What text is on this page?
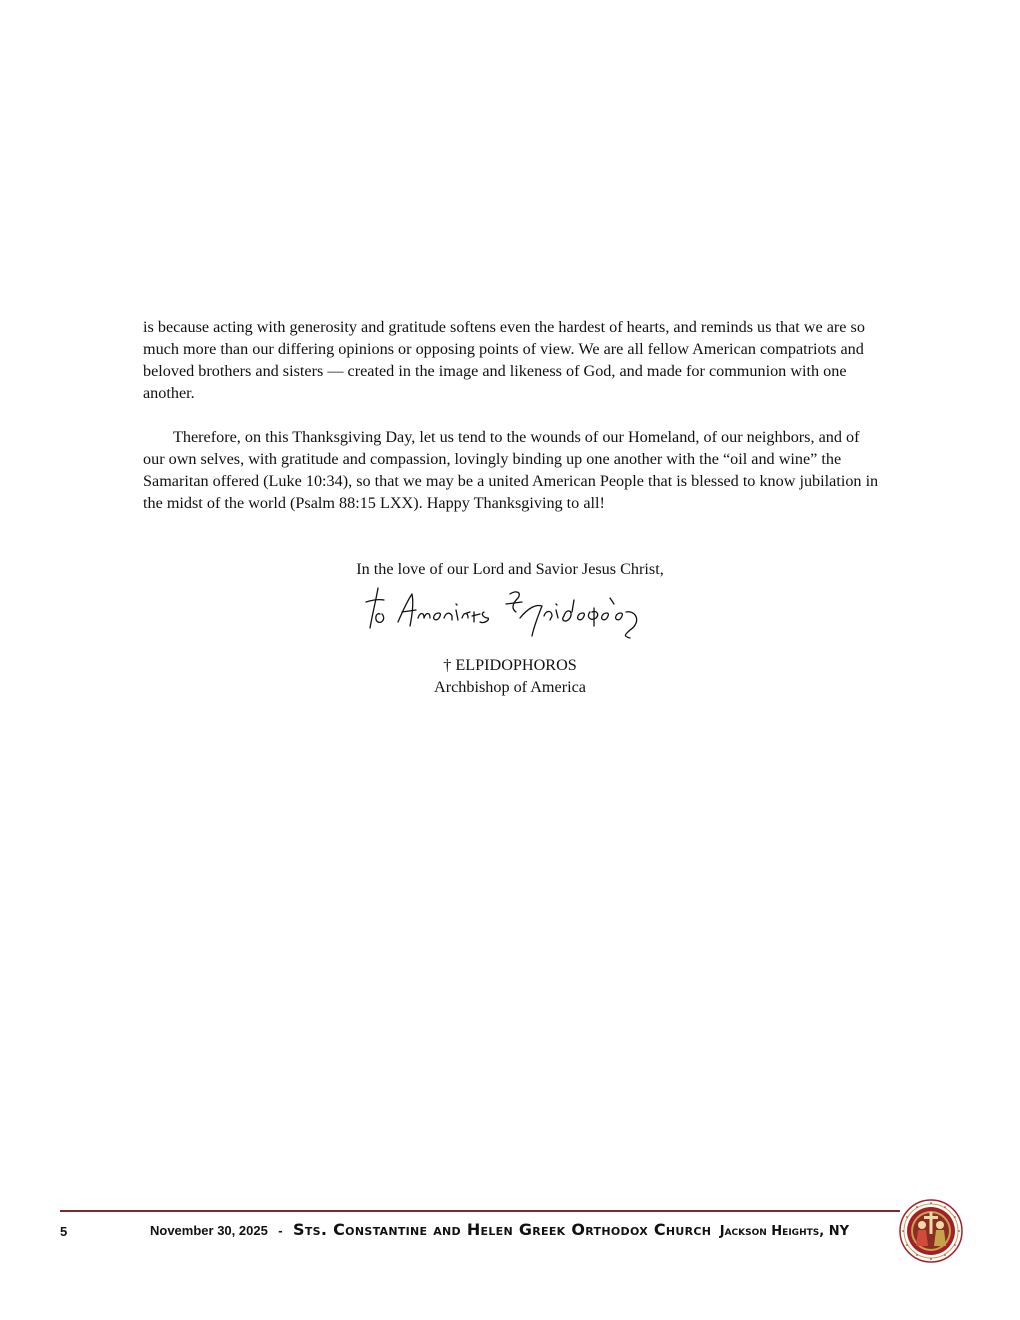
is because acting with generosity and gratitude softens even the hardest of hearts, and reminds us that we are so much more than our differing opinions or opposing points of view. We are all fellow American compatriots and beloved brothers and sisters — created in the image and likeness of God, and made for communion with one another.

Therefore, on this Thanksgiving Day, let us tend to the wounds of our Homeland, of our neighbors, and of our own selves, with gratitude and compassion, lovingly binding up one another with the “oil and wine” the Samaritan offered (Luke 10:34), so that we may be a united American People that is blessed to know jubilation in the midst of the world (Psalm 88:15 LXX). Happy Thanksgiving to all!

In the love of our Lord and Savior Jesus Christ,
† ELPIDOPHOROS
Archbishop of America
5	November 30, 2025 - Sts. Constantine and Helen Greek Orthodox Church Jackson Heights, NY
